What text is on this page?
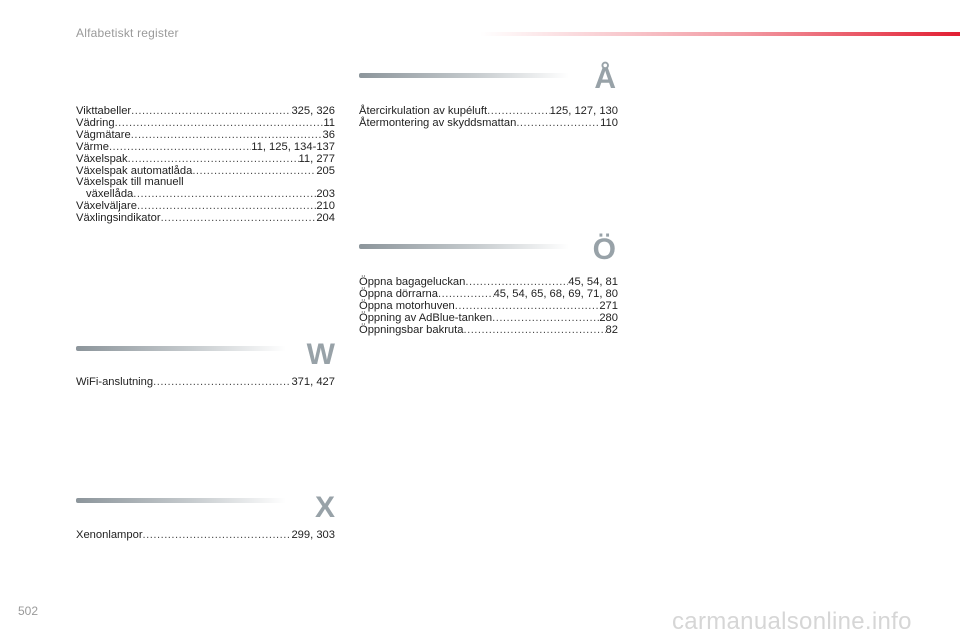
Alfabetiskt register
Vikttabeller .....	325, 326
Vädring .....	11
Vägmätare .....	36
Värme .....	11, 125, 134-137
Växelspak .....	11, 277
Växelspak automatlåda .....	205
Växelspak till manuell
växellåda .....	203
Växelväljare .....	210
Växlingsindikator .....	204
W
WiFi-anslutning .....	371, 427
X
Xenonlampor .....	299, 303
Å
Återcirkulation av kupéluft .....	125, 127, 130
Återmontering av skyddsmattan .....	110
Ö
Öppna bagageluckan .....	45, 54, 81
Öppna dörrarna .....	45, 54, 65, 68, 69, 71, 80
Öppna motorhuven .....	271
Öppning av AdBlue-tanken .....	280
Öppningsbar bakruta .....	82
502	carmanualsonline.info
